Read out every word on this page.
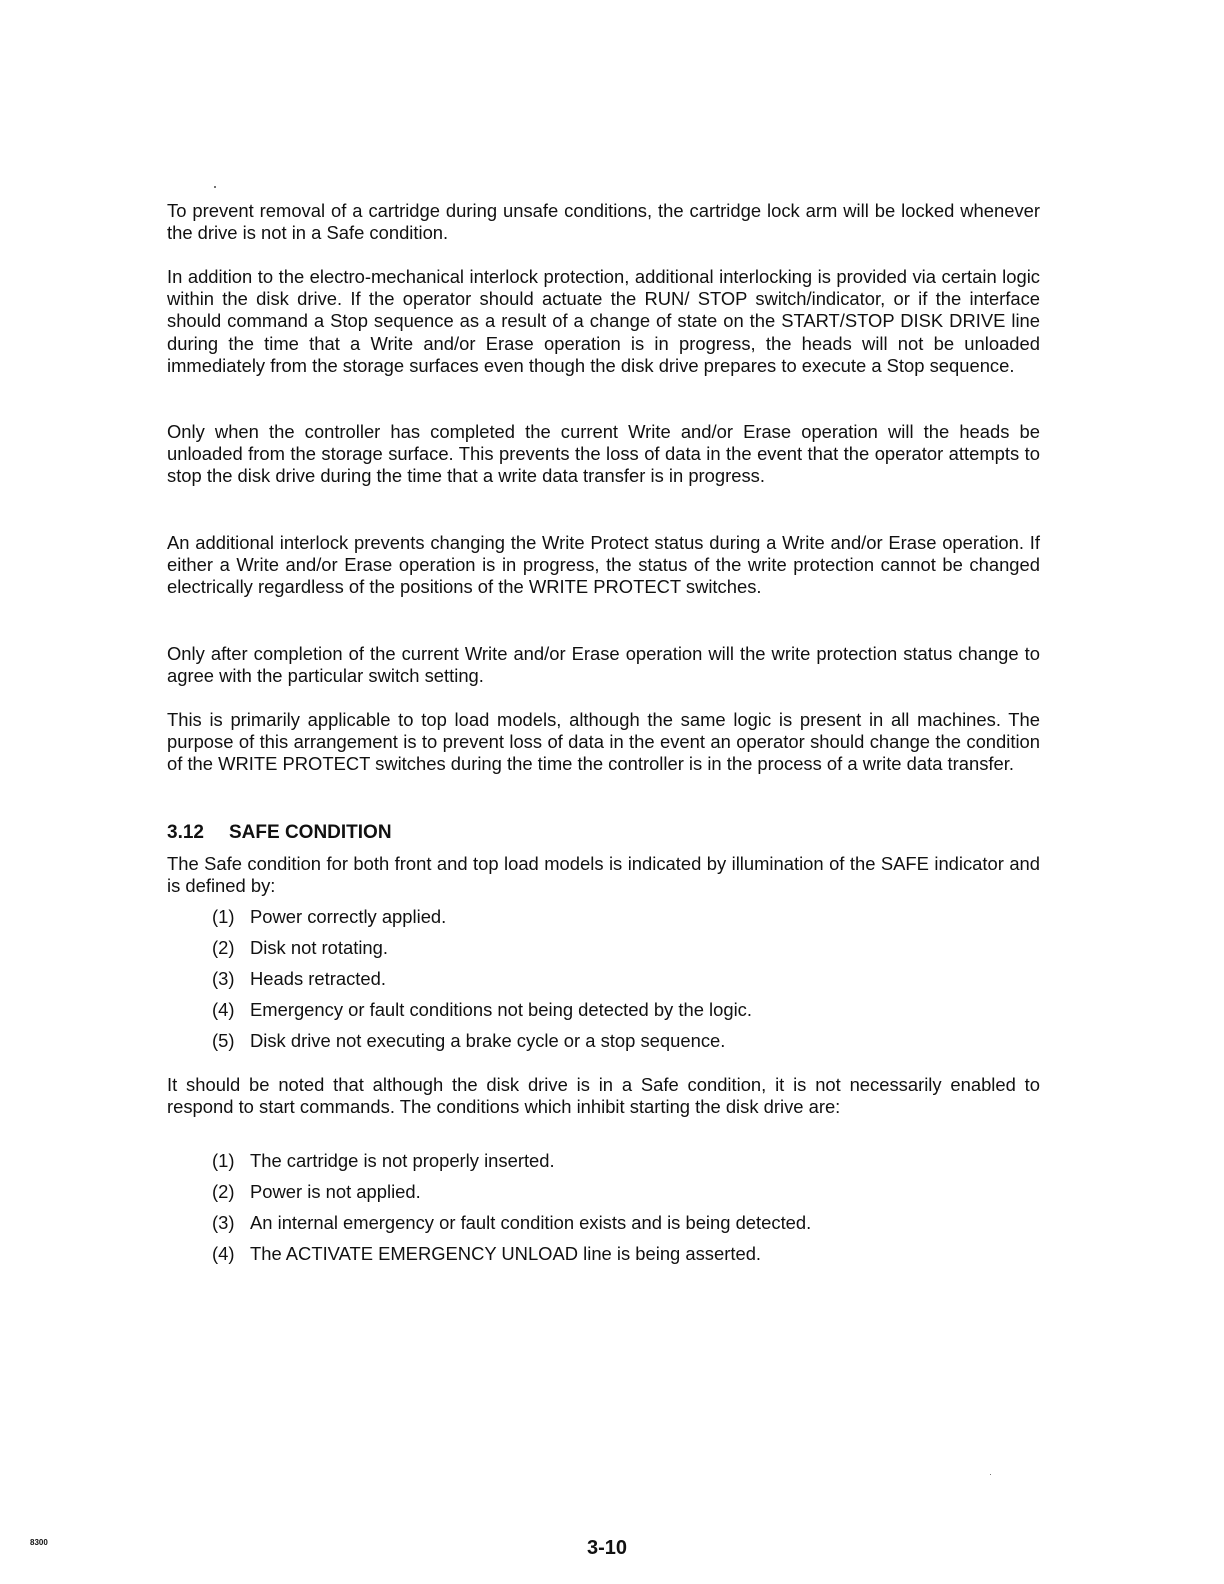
To prevent removal of a cartridge during unsafe conditions, the cartridge lock arm will be locked whenever the drive is not in a Safe condition.

In addition to the electro-mechanical interlock protection, additional interlocking is provided via certain logic within the disk drive. If the operator should actuate the RUN/ STOP switch/indicator, or if the interface should command a Stop sequence as a result of a change of state on the START/STOP DISK DRIVE line during the time that a Write and/or Erase operation is in progress, the heads will not be unloaded immediately from the storage surfaces even though the disk drive prepares to execute a Stop sequence.

Only when the controller has completed the current Write and/or Erase operation will the heads be unloaded from the storage surface. This prevents the loss of data in the event that the operator attempts to stop the disk drive during the time that a write data transfer is in progress.

An additional interlock prevents changing the Write Protect status during a Write and/or Erase operation. If either a Write and/or Erase operation is in progress, the status of the write protection cannot be changed electrically regardless of the positions of the WRITE PROTECT switches.

Only after completion of the current Write and/or Erase operation will the write protection status change to agree with the particular switch setting.

This is primarily applicable to top load models, although the same logic is present in all machines. The purpose of this arrangement is to prevent loss of data in the event an operator should change the condition of the WRITE PROTECT switches during the time the controller is in the process of a write data transfer.

3.12 SAFE CONDITION

The Safe condition for both front and top load models is indicated by illumination of the SAFE indicator and is defined by:

(1) Power correctly applied.
(2) Disk not rotating.
(3) Heads retracted.
(4) Emergency or fault conditions not being detected by the logic.
(5) Disk drive not executing a brake cycle or a stop sequence.

It should be noted that although the disk drive is in a Safe condition, it is not necessarily enabled to respond to start commands. The conditions which inhibit starting the disk drive are:

(1) The cartridge is not properly inserted.
(2) Power is not applied.
(3) An internal emergency or fault condition exists and is being detected.
(4) The ACTIVATE EMERGENCY UNLOAD line is being asserted.
8300	3-10
